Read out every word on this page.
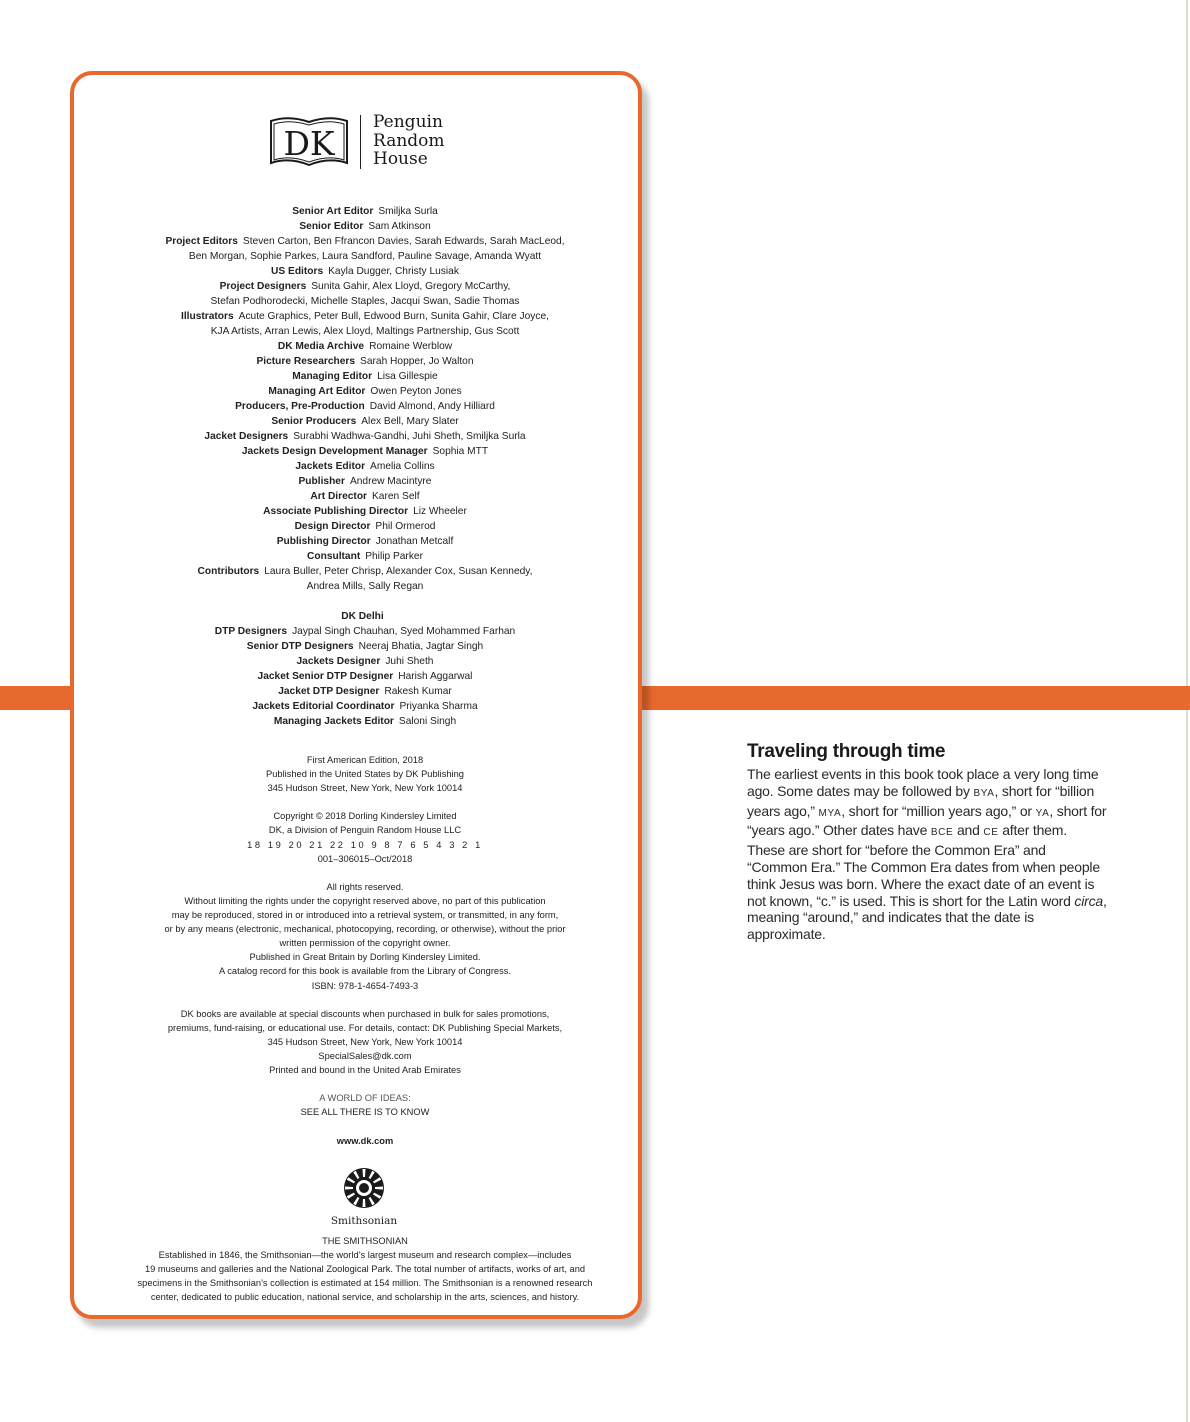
DK
Penguin
Random
House
Senior Art Editor Smiljka Surla
Senior Editor Sam Atkinson
Project Editors Steven Carton, Ben Ffrancon Davies, Sarah Edwards, Sarah MacLeod,
Ben Morgan, Sophie Parkes, Laura Sandford, Pauline Savage, Amanda Wyatt
US Editors Kayla Dugger, Christy Lusiak
Project Designers Sunita Gahir, Alex Lloyd, Gregory McCarthy,
Stefan Podhorodecki, Michelle Staples, Jacqui Swan, Sadie Thomas
Illustrators Acute Graphics, Peter Bull, Edwood Burn, Sunita Gahir, Clare Joyce,
KJA Artists, Arran Lewis, Alex Lloyd, Maltings Partnership, Gus Scott
DK Media Archive Romaine Werblow
Picture Researchers Sarah Hopper, Jo Walton
Managing Editor Lisa Gillespie
Managing Art Editor Owen Peyton Jones
Producers, Pre-Production David Almond, Andy Hilliard
Senior Producers Alex Bell, Mary Slater
Jacket Designers Surabhi Wadhwa-Gandhi, Juhi Sheth, Smiljka Surla
Jackets Design Development Manager Sophia MTT
Jackets Editor Amelia Collins
Publisher Andrew Macintyre
Art Director Karen Self
Associate Publishing Director Liz Wheeler
Design Director Phil Ormerod
Publishing Director Jonathan Metcalf
Consultant Philip Parker
Contributors Laura Buller, Peter Chrisp, Alexander Cox, Susan Kennedy,
Andrea Mills, Sally Regan
DK Delhi
DTP Designers Jaypal Singh Chauhan, Syed Mohammed Farhan
Senior DTP Designers Neeraj Bhatia, Jagtar Singh
Jackets Designer Juhi Sheth
Jacket Senior DTP Designer Harish Aggarwal
Jacket DTP Designer Rakesh Kumar
Jackets Editorial Coordinator Priyanka Sharma
Managing Jackets Editor Saloni Singh
First American Edition, 2018
Published in the United States by DK Publishing
345 Hudson Street, New York, New York 10014
Copyright © 2018 Dorling Kindersley Limited
DK, a Division of Penguin Random House LLC
18 19 20 21 22 10 9 8 7 6 5 4 3 2 1
001–306015–Oct/2018
All rights reserved.
Without limiting the rights under the copyright reserved above, no part of this publication
may be reproduced, stored in or introduced into a retrieval system, or transmitted, in any form,
or by any means (electronic, mechanical, photocopying, recording, or otherwise), without the prior
written permission of the copyright owner.
Published in Great Britain by Dorling Kindersley Limited.
A catalog record for this book is available from the Library of Congress.
ISBN: 978-1-4654-7493-3
DK books are available at special discounts when purchased in bulk for sales promotions,
premiums, fund-raising, or educational use. For details, contact: DK Publishing Special Markets,
345 Hudson Street, New York, New York 10014
SpecialSales@dk.com
Printed and bound in the United Arab Emirates
A WORLD OF IDEAS:
SEE ALL THERE IS TO KNOW
www.dk.com
Smithsonian
THE SMITHSONIAN
Established in 1846, the Smithsonian—the world’s largest museum and research complex—includes
19 museums and galleries and the National Zoological Park. The total number of artifacts, works of art, and
specimens in the Smithsonian’s collection is estimated at 154 million. The Smithsonian is a renowned research
center, dedicated to public education, national service, and scholarship in the arts, sciences, and history.
Traveling through time
The earliest events in this book took place a very long time ago. Some dates may be followed by BYA, short for “billion years ago,” MYA, short for “million years ago,” or YA, short for “years ago.” Other dates have BCE and CE after them. These are short for “before the Common Era” and “Common Era.” The Common Era dates from when people think Jesus was born. Where the exact date of an event is not known, “c.” is used. This is short for the Latin word circa, meaning “around,” and indicates that the date is approximate.
